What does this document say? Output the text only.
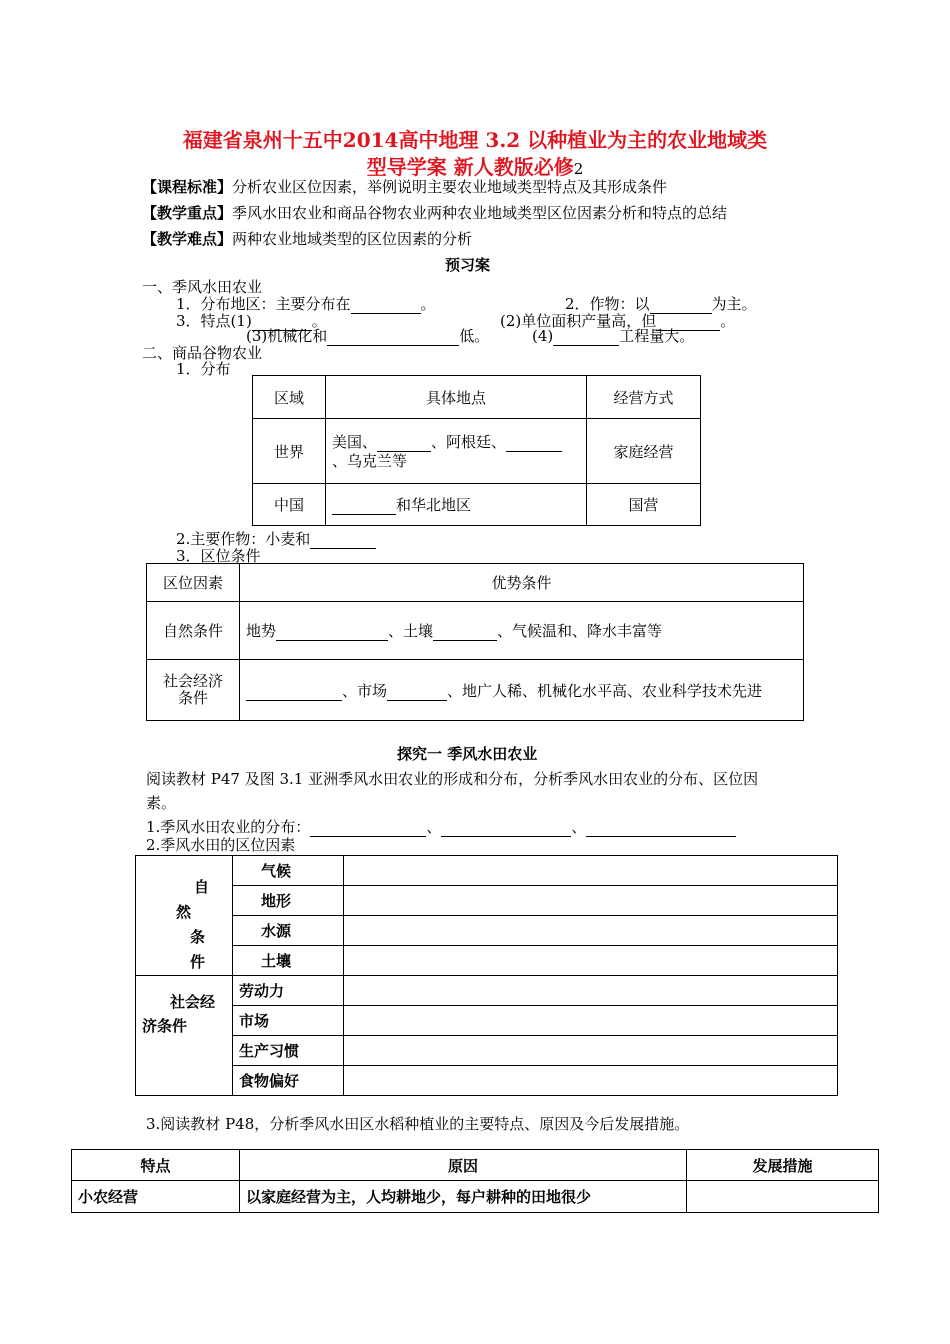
福建省泉州十五中2014高中地理 3.2 以种植业为主的农业地域类
型导学案 新人教版必修2
【课程标准】分析农业区位因素，举例说明主要农业地域类型特点及其形成条件
【教学重点】季风水田农业和商品谷物农业两种农业地域类型区位因素分析和特点的总结
【教学难点】两种农业地域类型的区位因素的分析
预习案
一、季风水田农业
1．分布地区：主要分布在	。	2．作物：以	为主。
3．特点(1)	。	(2)单位面积产量高，但	。
(3)机械化和	低。	(4)	工程量大。
二、商品谷物农业
1．分布
区域	具体地点	经营方式
世界	美国、 、阿根廷、
、乌克兰等	家庭经营
中国	和华北地区	国营
2.主要作物：小麦和
3．区位条件
区位因素	优势条件
自然条件	地势 、土壤 、气候温和、降水丰富等
社会经济
条件	、市场 、地广人稀、机械化水平高、农业科学技术先进
探究一 季风水田农业
阅读教材 P47 及图 3.1 亚洲季风水田农业的形成和分布，分析季风水田农业的分布、区位因
素。
1.季风水田农业的分布：	、	、
2.季风水田的区位因素
自
然
条
件	气候	
	地形	
	水源	
	土壤	
社会经
济条件	劳动力	
	市场	
	生产习惯	
	食物偏好	
3.阅读教材 P48，分析季风水田区水稻种植业的主要特点、原因及今后发展措施。
特点	原因	发展措施
小农经营	以家庭经营为主，人均耕地少，每户耕种的田地很少	
